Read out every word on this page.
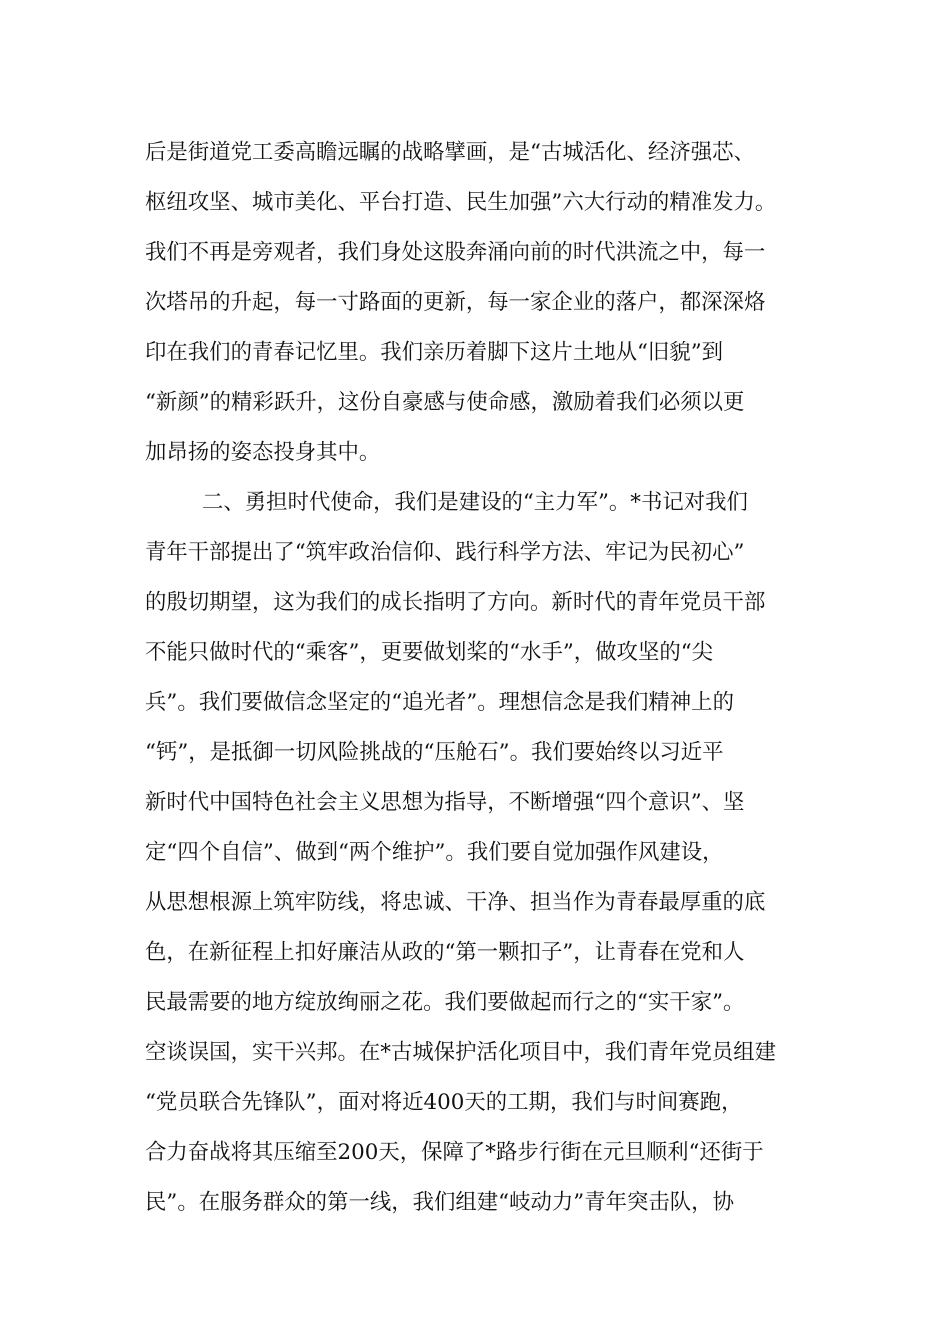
后是街道党工委高瞻远瞩的战略擘画，是“古城活化、经济强芯、
枢纽攻坚、城市美化、平台打造、民生加强”六大行动的精准发力。
我们不再是旁观者，我们身处这股奔涌向前的时代洪流之中，每一
次塔吊的升起，每一寸路面的更新，每一家企业的落户，都深深烙
印在我们的青春记忆里。我们亲历着脚下这片土地从“旧貌”到
“新颜”的精彩跃升，这份自豪感与使命感，激励着我们必须以更
加昂扬的姿态投身其中。
二、勇担时代使命，我们是建设的“主力军”。*书记对我们
青年干部提出了“筑牢政治信仰、践行科学方法、牢记为民初心”
的殷切期望，这为我们的成长指明了方向。新时代的青年党员干部
不能只做时代的“乘客”，更要做划桨的“水手”，做攻坚的“尖
兵”。我们要做信念坚定的“追光者”。理想信念是我们精神上的
“钙”，是抵御一切风险挑战的“压舱石”。我们要始终以习近平
新时代中国特色社会主义思想为指导，不断增强“四个意识”、坚
定“四个自信”、做到“两个维护”。我们要自觉加强作风建设，
从思想根源上筑牢防线，将忠诚、干净、担当作为青春最厚重的底
色，在新征程上扣好廉洁从政的“第一颗扣子”，让青春在党和人
民最需要的地方绽放绚丽之花。我们要做起而行之的“实干家”。
空谈误国，实干兴邦。在*古城保护活化项目中，我们青年党员组建
“党员联合先锋队”，面对将近400天的工期，我们与时间赛跑，
合力奋战将其压缩至200天，保障了*路步行街在元旦顺利“还街于
民”。在服务群众的第一线，我们组建“岐动力”青年突击队，协
